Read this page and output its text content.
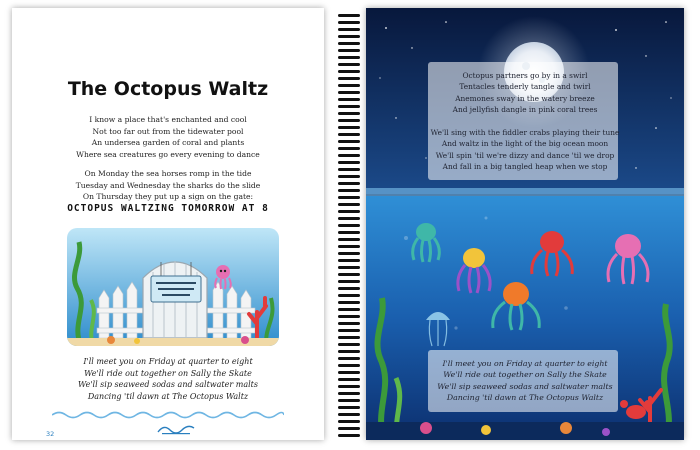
The Octopus Waltz
I know a place that's enchanted and cool
Not too far out from the tidewater pool
An undersea garden of coral and plants
Where sea creatures go every evening to dance
On Monday the sea horses romp in the tide
Tuesday and Wednesday the sharks do the slide
On Thursday they put up a sign on the gate:
OCTOPUS WALTZING TOMORROW AT 8
I'll meet you on Friday at quarter to eight
We'll ride out together on Sally the Skate
We'll sip seaweed sodas and saltwater malts
Dancing 'til dawn at The Octopus Waltz
32
Octopus partners go by in a swirl
Tentacles tenderly tangle and twirl
Anemones sway in the watery breeze
And jellyfish dangle in pink coral trees
We'll sing with the fiddler crabs playing their tune
And waltz in the light of the big ocean moon
We'll spin 'til we're dizzy and dance 'til we drop
And fall in a big tangled heap when we stop
I'll meet you on Friday at quarter to eight
We'll ride out together on Sally the Skate
We'll sip seaweed sodas and saltwater malts
Dancing 'til dawn at The Octopus Waltz
